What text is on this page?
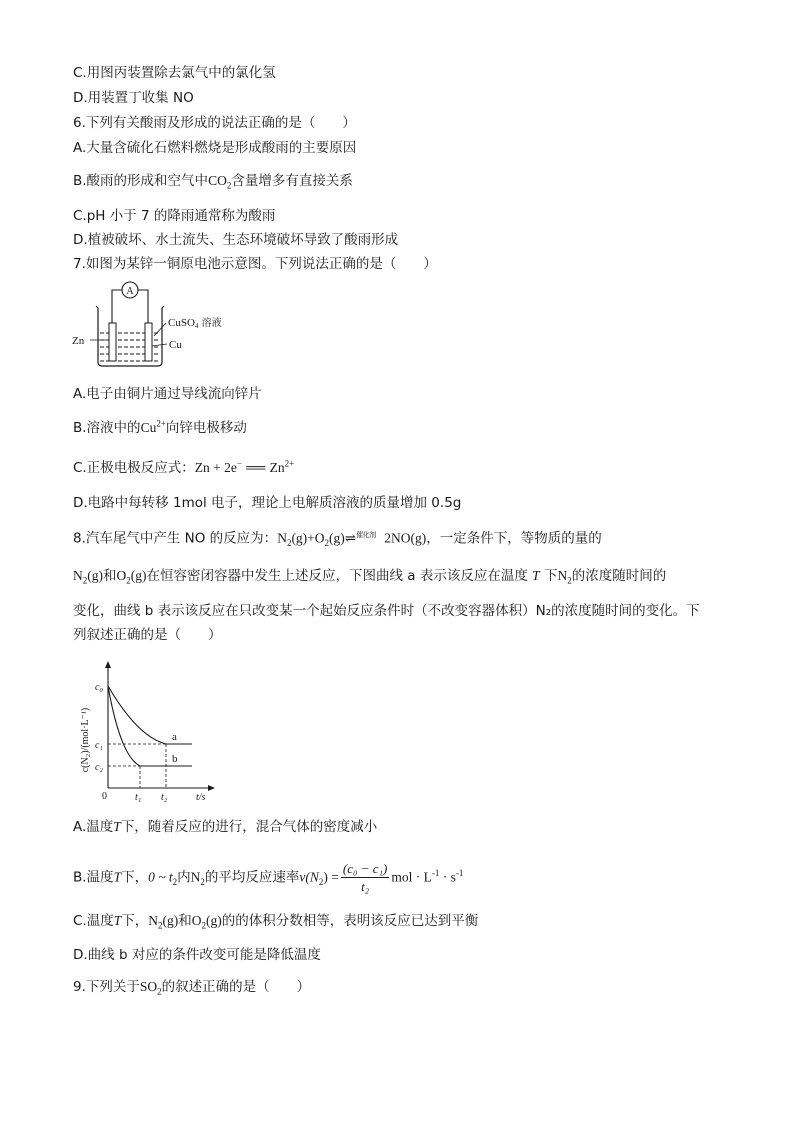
C.用图丙装置除去氯气中的氯化氢
D.用装置丁收集 NO
6.下列有关酸雨及形成的说法正确的是（　　）
A.大量含硫化石燃料燃烧是形成酸雨的主要原因
B.酸雨的形成和空气中$CO_2$含量增多有直接关系
C.pH 小于 7 的降雨通常称为酸雨
D.植被破坏、水土流失、生态环境破坏导致了酸雨形成
7.如图为某锌一铜原电池示意图。下列说法正确的是（　　）
A
CuSO4 溶液
Zn	Cu
A.电子由铜片通过导线流向锌片
B.溶液中的$Cu^{2+}$向锌电极移动
C.正极电极反应式：Zn + 2e− ══ $Zn^{2+}$
D.电路中每转移 1mol 电子，理论上电解质溶液的质量增加 0.5g
8.汽车尾气中产生 NO 的反应为：$N_2(g)+O_2(g)\rightleftharpoons^{催化剂}$ 2NO(g)，一定条件下，等物质的量的
$N_2(g)$和$O_2(g)$在恒容密闭容器中发生上述反应，下图曲线 a 表示该反应在温度 T 下$N_2$的浓度随时间的
变化，曲线 b 表示该反应在只改变某一个起始反应条件时（不改变容器体积）N₂的浓度随时间的变化。下
列叙述正确的是（　　）
c(N₂)/(mol·L⁻¹)
c₀
c₁
c₂
0	t₁ t₂	t/s
a
b
A.温度T下，随着反应的进行，混合气体的密度减小
B.温度T下，0 ~ $t_2$内$N_2$的平均反应速率$v(N_2) = \frac{\text{(c₀ − c₁)}}{\text{t₂}}$ mol · $L^{-1} \cdot s^{-1}$
C.温度T下，$N_2(g)$和$O_2(g)$的的体积分数相等，表明该反应已达到平衡
D.曲线 b 对应的条件改变可能是降低温度
9.下列关于$SO_2$的叙述正确的是（　　）
